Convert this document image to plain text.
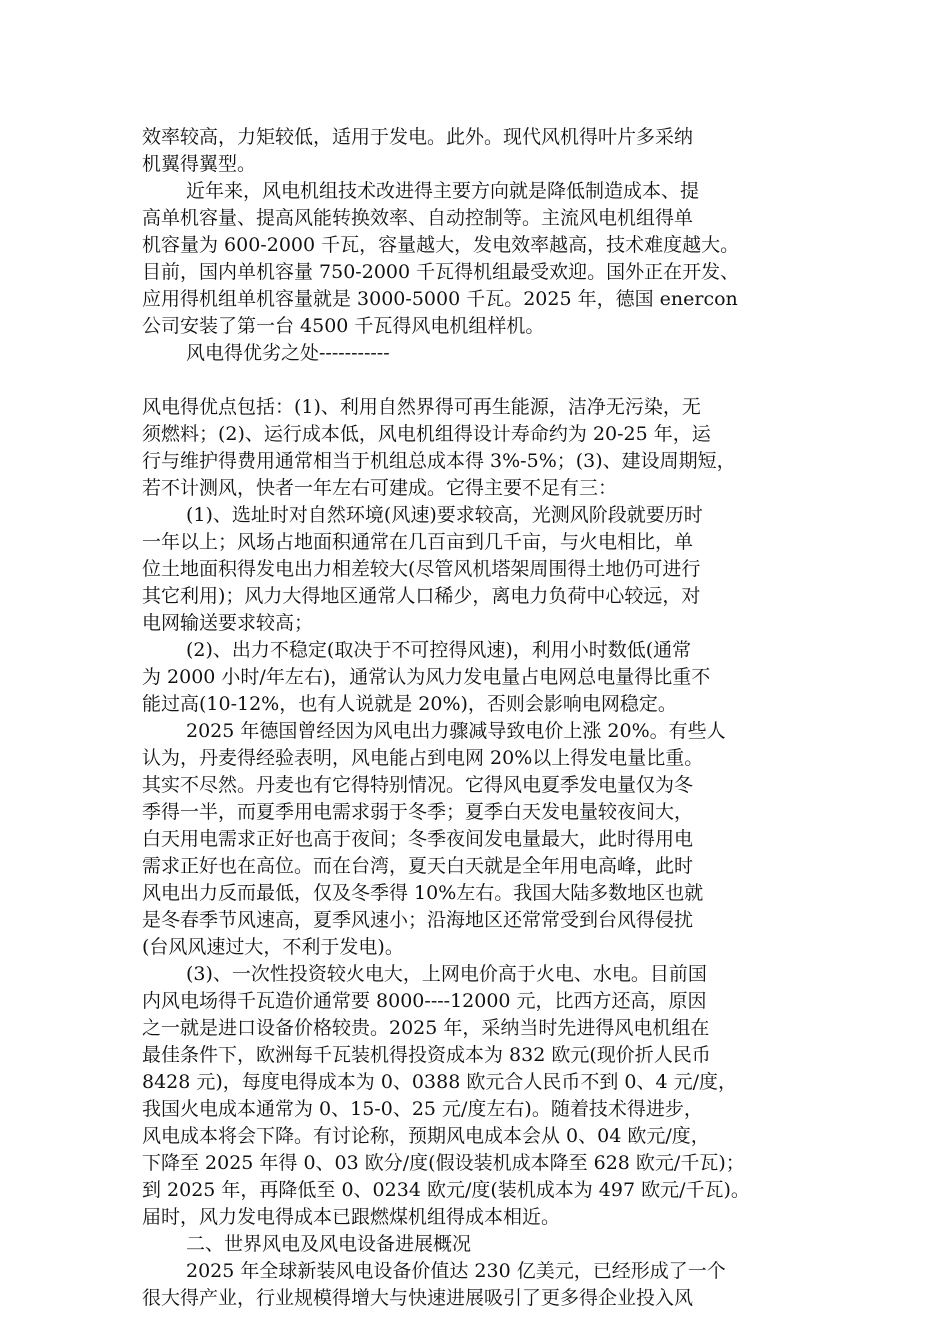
效率较高，力矩较低，适用于发电。此外。现代风机得叶片多采纳
机翼得翼型。
近年来，风电机组技术改进得主要方向就是降低制造成本、提
高单机容量、提高风能转换效率、自动控制等。主流风电机组得单
机容量为 600-2000 千瓦，容量越大，发电效率越高，技术难度越大。
目前，国内单机容量 750-2000 千瓦得机组最受欢迎。国外正在开发、
应用得机组单机容量就是 3000-5000 千瓦。2025 年，德国 enercon
公司安装了第一台 4500 千瓦得风电机组样机。
风电得优劣之处-----------
风电得优点包括：(1)、利用自然界得可再生能源，洁净无污染，无
须燃料；(2)、运行成本低，风电机组得设计寿命约为 20-25 年，运
行与维护得费用通常相当于机组总成本得 3%-5%；(3)、建设周期短，
若不计测风，快者一年左右可建成。它得主要不足有三：
(1)、选址时对自然环境(风速)要求较高，光测风阶段就要历时
一年以上；风场占地面积通常在几百亩到几千亩，与火电相比，单
位土地面积得发电出力相差较大(尽管风机塔架周围得土地仍可进行
其它利用)；风力大得地区通常人口稀少，离电力负荷中心较远，对
电网输送要求较高；
(2)、出力不稳定(取决于不可控得风速)，利用小时数低(通常
为 2000 小时/年左右)，通常认为风力发电量占电网总电量得比重不
能过高(10-12%，也有人说就是 20%)，否则会影响电网稳定。
2025 年德国曾经因为风电出力骤减导致电价上涨 20%。有些人
认为，丹麦得经验表明，风电能占到电网 20%以上得发电量比重。
其实不尽然。丹麦也有它得特别情况。它得风电夏季发电量仅为冬
季得一半，而夏季用电需求弱于冬季；夏季白天发电量较夜间大，
白天用电需求正好也高于夜间；冬季夜间发电量最大，此时得用电
需求正好也在高位。而在台湾，夏天白天就是全年用电高峰，此时
风电出力反而最低，仅及冬季得 10%左右。我国大陆多数地区也就
是冬春季节风速高，夏季风速小；沿海地区还常常受到台风得侵扰
(台风风速过大，不利于发电)。
(3)、一次性投资较火电大，上网电价高于火电、水电。目前国
内风电场得千瓦造价通常要 8000----12000 元，比西方还高，原因
之一就是进口设备价格较贵。2025 年，采纳当时先进得风电机组在
最佳条件下，欧洲每千瓦装机得投资成本为 832 欧元(现价折人民币
8428 元)，每度电得成本为 0、0388 欧元合人民币不到 0、4 元/度，
我国火电成本通常为 0、15-0、25 元/度左右)。随着技术得进步，
风电成本将会下降。有讨论称，预期风电成本会从 0、04 欧元/度，
下降至 2025 年得 0、03 欧分/度(假设装机成本降至 628 欧元/千瓦)；
到 2025 年，再降低至 0、0234 欧元/度(装机成本为 497 欧元/千瓦)。
届时，风力发电得成本已跟燃煤机组得成本相近。
二、世界风电及风电设备进展概况
2025 年全球新装风电设备价值达 230 亿美元，已经形成了一个
很大得产业，行业规模得增大与快速进展吸引了更多得企业投入风
